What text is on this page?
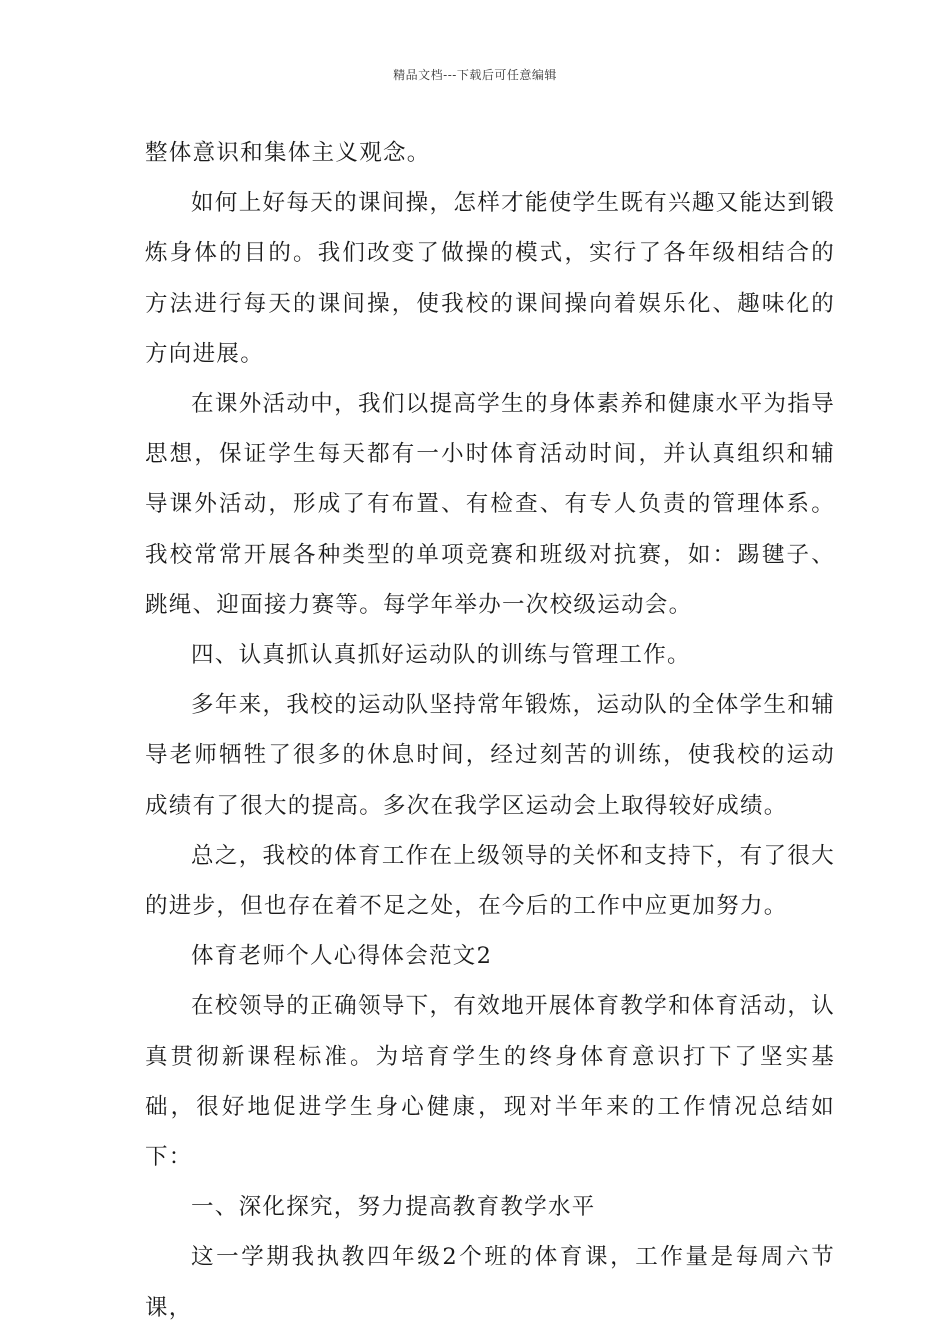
精品文档---下载后可任意编辑

整体意识和集体主义观念。

如何上好每天的课间操，怎样才能使学生既有兴趣又能达到锻炼身体的目的。我们改变了做操的模式，实行了各年级相结合的方法进行每天的课间操，使我校的课间操向着娱乐化、趣味化的方向进展。

在课外活动中，我们以提高学生的身体素养和健康水平为指导思想，保证学生每天都有一小时体育活动时间，并认真组织和辅导课外活动，形成了有布置、有检查、有专人负责的管理体系。我校常常开展各种类型的单项竞赛和班级对抗赛，如：踢毽子、跳绳、迎面接力赛等。每学年举办一次校级运动会。

四、认真抓认真抓好运动队的训练与管理工作。

多年来，我校的运动队坚持常年锻炼，运动队的全体学生和辅导老师牺牲了很多的休息时间，经过刻苦的训练，使我校的运动成绩有了很大的提高。多次在我学区运动会上取得较好成绩。

总之，我校的体育工作在上级领导的关怀和支持下，有了很大的进步，但也存在着不足之处，在今后的工作中应更加努力。

体育老师个人心得体会范文2

在校领导的正确领导下，有效地开展体育教学和体育活动，认真贯彻新课程标准。为培育学生的终身体育意识打下了坚实基础，很好地促进学生身心健康，现对半年来的工作情况总结如下：

一、深化探究，努力提高教育教学水平

这一学期我执教四年级2个班的体育课，工作量是每周六节课，
